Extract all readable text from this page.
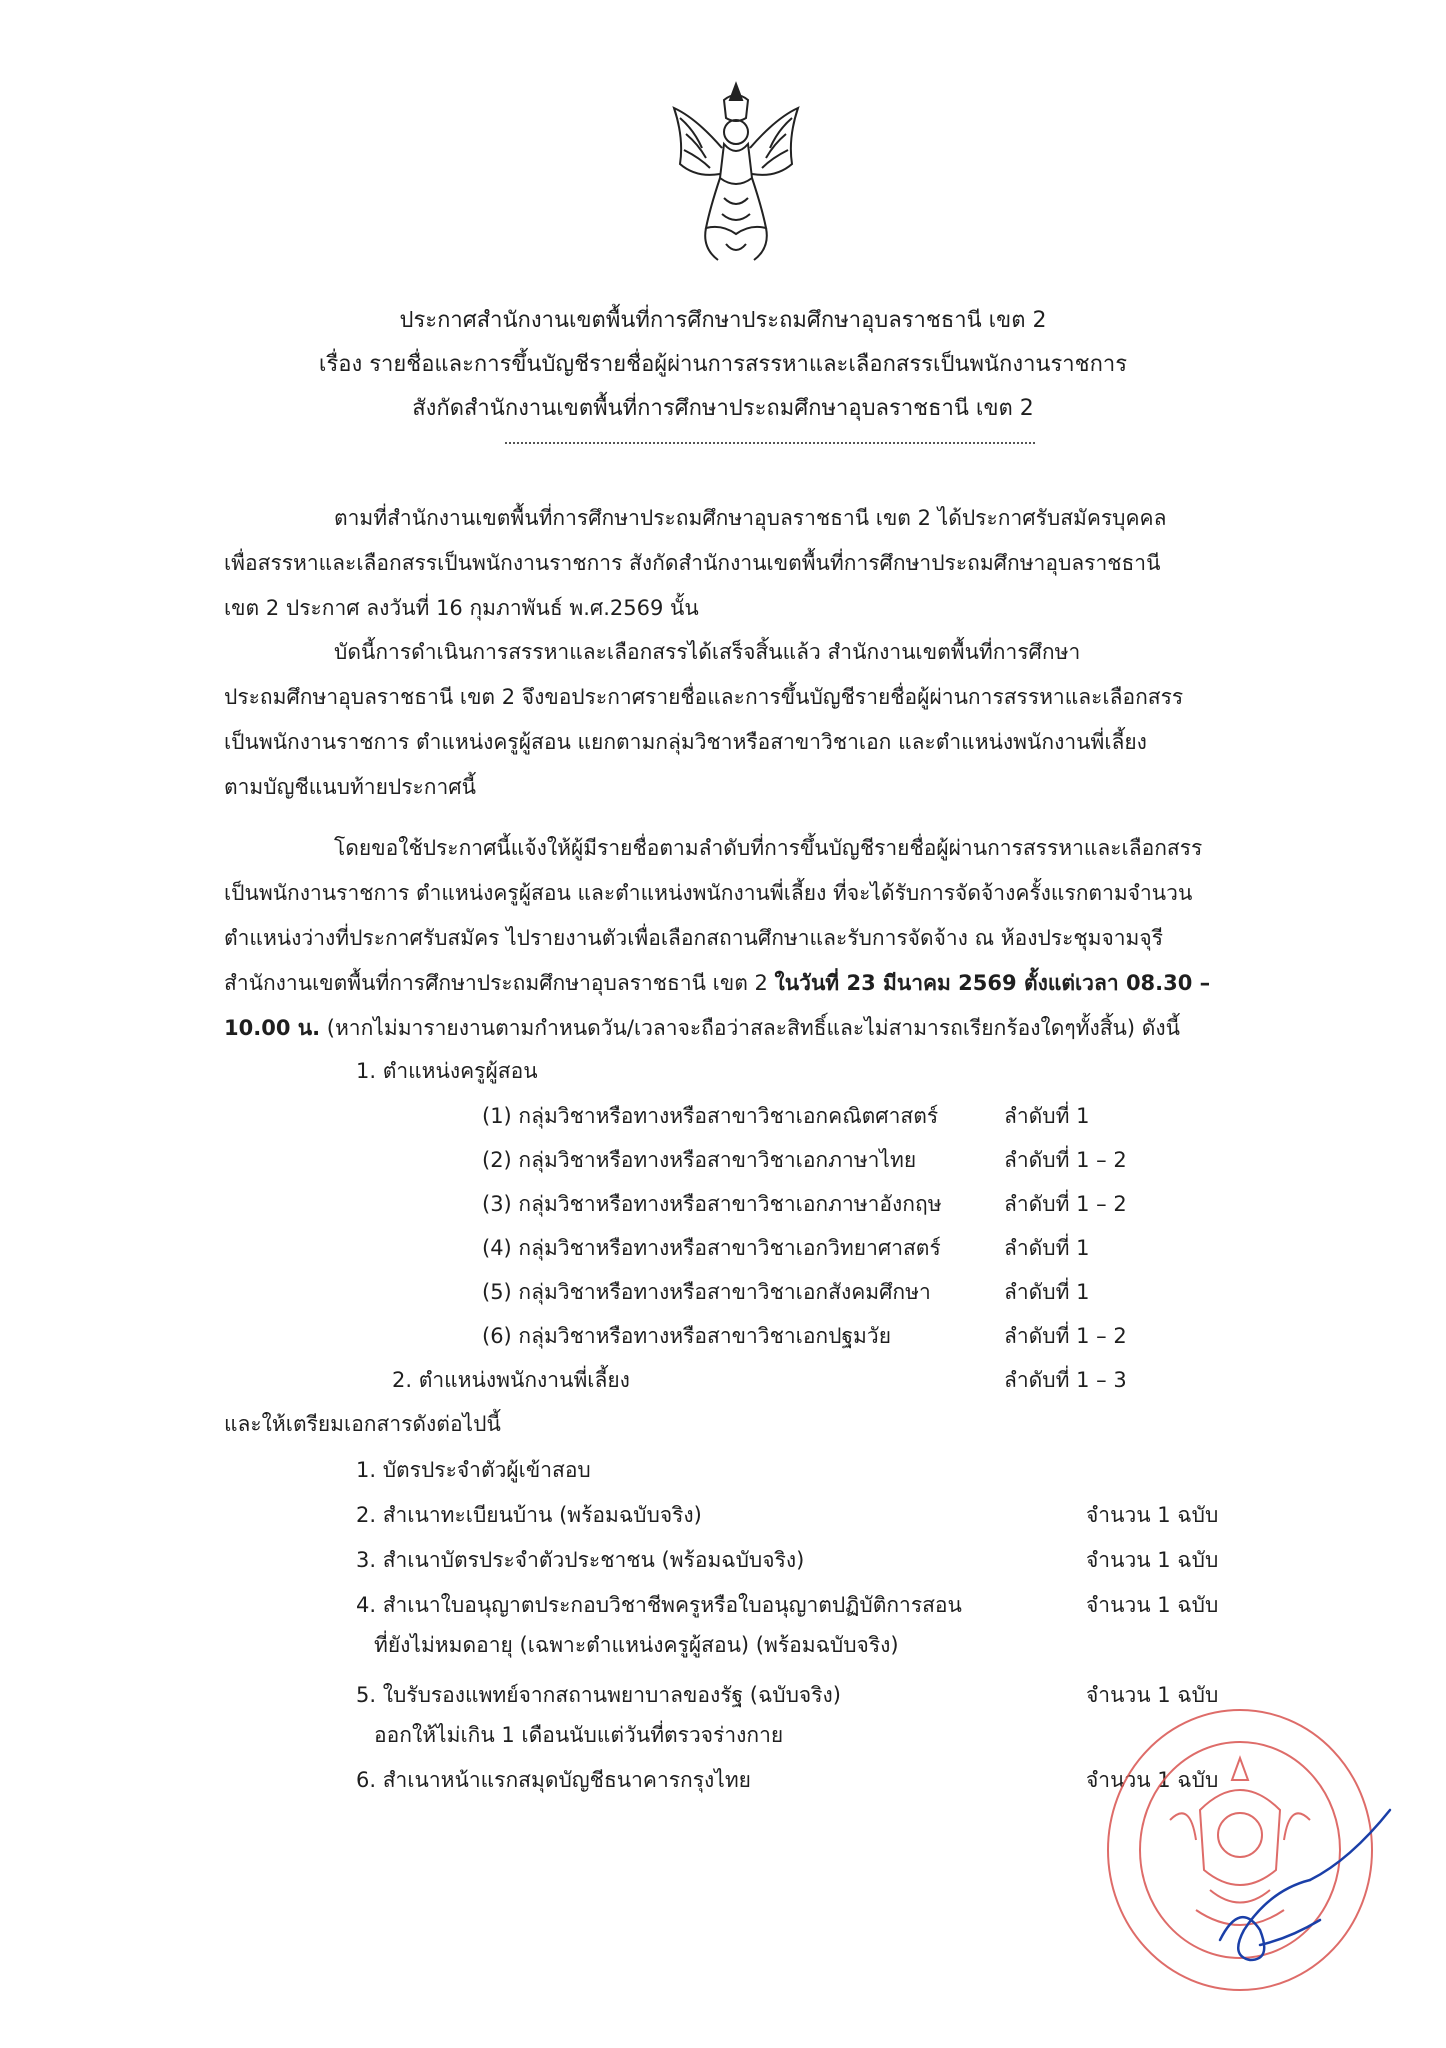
ประกาศสำนักงานเขตพื้นที่การศึกษาประถมศึกษาอุบลราชธานี เขต 2
เรื่อง รายชื่อและการขึ้นบัญชีรายชื่อผู้ผ่านการสรรหาและเลือกสรรเป็นพนักงานราชการ
สังกัดสำนักงานเขตพื้นที่การศึกษาประถมศึกษาอุบลราชธานี เขต 2
ตามที่สำนักงานเขตพื้นที่การศึกษาประถมศึกษาอุบลราชธานี เขต 2 ได้ประกาศรับสมัครบุคคล
เพื่อสรรหาและเลือกสรรเป็นพนักงานราชการ สังกัดสำนักงานเขตพื้นที่การศึกษาประถมศึกษาอุบลราชธานี
เขต 2 ประกาศ ลงวันที่ 16 กุมภาพันธ์ พ.ศ.2569 นั้น
บัดนี้การดำเนินการสรรหาและเลือกสรรได้เสร็จสิ้นแล้ว สำนักงานเขตพื้นที่การศึกษา
ประถมศึกษาอุบลราชธานี เขต 2 จึงขอประกาศรายชื่อและการขึ้นบัญชีรายชื่อผู้ผ่านการสรรหาและเลือกสรร
เป็นพนักงานราชการ ตำแหน่งครูผู้สอน แยกตามกลุ่มวิชาหรือสาขาวิชาเอก และตำแหน่งพนักงานพี่เลี้ยง
ตามบัญชีแนบท้ายประกาศนี้
โดยขอใช้ประกาศนี้แจ้งให้ผู้มีรายชื่อตามลำดับที่การขึ้นบัญชีรายชื่อผู้ผ่านการสรรหาและเลือกสรร
เป็นพนักงานราชการ ตำแหน่งครูผู้สอน และตำแหน่งพนักงานพี่เลี้ยง ที่จะได้รับการจัดจ้างครั้งแรกตามจำนวน
ตำแหน่งว่างที่ประกาศรับสมัคร ไปรายงานตัวเพื่อเลือกสถานศึกษาและรับการจัดจ้าง ณ ห้องประชุมจามจุรี
สำนักงานเขตพื้นที่การศึกษาประถมศึกษาอุบลราชธานี เขต 2 ในวันที่ 23 มีนาคม 2569 ตั้งแต่เวลา 08.30 –
10.00 น. (หากไม่มารายงานตามกำหนดวัน/เวลาจะถือว่าสละสิทธิ์และไม่สามารถเรียกร้องใดๆทั้งสิ้น) ดังนี้
1. ตำแหน่งครูผู้สอน
(1) กลุ่มวิชาหรือทางหรือสาขาวิชาเอกคณิตศาสตร์	ลำดับที่ 1
(2) กลุ่มวิชาหรือทางหรือสาขาวิชาเอกภาษาไทย	ลำดับที่ 1 – 2
(3) กลุ่มวิชาหรือทางหรือสาขาวิชาเอกภาษาอังกฤษ	ลำดับที่ 1 – 2
(4) กลุ่มวิชาหรือทางหรือสาขาวิชาเอกวิทยาศาสตร์	ลำดับที่ 1
(5) กลุ่มวิชาหรือทางหรือสาขาวิชาเอกสังคมศึกษา	ลำดับที่ 1
(6) กลุ่มวิชาหรือทางหรือสาขาวิชาเอกปฐมวัย	ลำดับที่ 1 – 2
2. ตำแหน่งพนักงานพี่เลี้ยง	ลำดับที่ 1 – 3
และให้เตรียมเอกสารดังต่อไปนี้
1. บัตรประจำตัวผู้เข้าสอบ
2. สำเนาทะเบียนบ้าน (พร้อมฉบับจริง)	จำนวน 1 ฉบับ
3. สำเนาบัตรประจำตัวประชาชน (พร้อมฉบับจริง)	จำนวน 1 ฉบับ
4. สำเนาใบอนุญาตประกอบวิชาชีพครูหรือใบอนุญาตปฏิบัติการสอน	จำนวน 1 ฉบับ
ที่ยังไม่หมดอายุ (เฉพาะตำแหน่งครูผู้สอน) (พร้อมฉบับจริง)
5. ใบรับรองแพทย์จากสถานพยาบาลของรัฐ (ฉบับจริง)	จำนวน 1 ฉบับ
ออกให้ไม่เกิน 1 เดือนนับแต่วันที่ตรวจร่างกาย
6. สำเนาหน้าแรกสมุดบัญชีธนาคารกรุงไทย	จำนวน 1 ฉบับ
